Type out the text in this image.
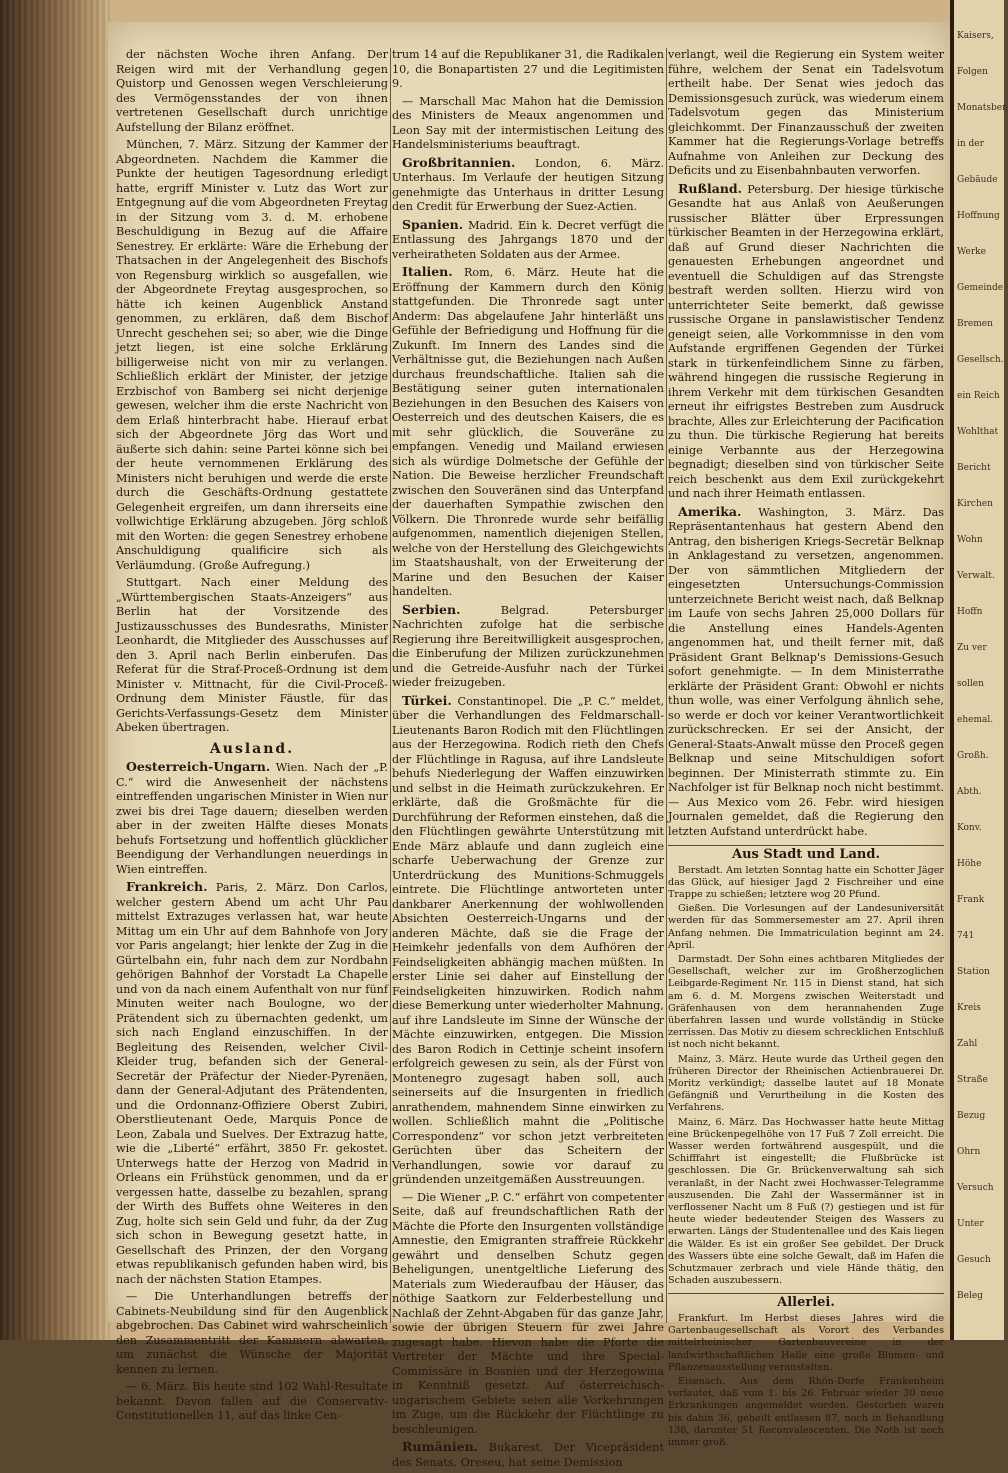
Kaisers,
Folgen
Monatsber.
in der
Gebäude
Hoffnung
Werke
Gemeinde
Bremen
Gesellsch.
ein Reich
Wohlthat
Bericht
Kirchen
Wohn
Verwalt.
Hoffn
Zu ver
sollen
ehemal.
Großh.
Abth.
Konv.
Höhe
Frank
741
Station
Kreis
Zahl
Straße
Bezug
Ohrn
Versuch
Unter
Gesuch
Beleg

der nächsten Woche ihren Anfang. Der Reigen wird mit der Verhandlung gegen Quistorp und Genossen wegen Verschleierung des Vermögensstandes der von ihnen vertretenen Gesellschaft durch unrichtige Aufstellung der Bilanz eröffnet.

München, 7. März. Sitzung der Kammer der Abgeordneten. Nachdem die Kammer die Punkte der heutigen Tagesordnung erledigt hatte, ergriff Minister v. Lutz das Wort zur Entgegnung auf die vom Abgeordneten Freytag in der Sitzung vom 3. d. M. erhobene Beschuldigung in Bezug auf die Affaire Senestrey. Er erklärte: Wäre die Erhebung der Thatsachen in der Angelegenheit des Bischofs von Regensburg wirklich so ausgefallen, wie der Abgeordnete Freytag ausgesprochen, so hätte ich keinen Augenblick Anstand genommen, zu erklären, daß dem Bischof Unrecht geschehen sei; so aber, wie die Dinge jetzt liegen, ist eine solche Erklärung billigerweise nicht von mir zu verlangen. Schließlich erklärt der Minister, der jetzige Erzbischof von Bamberg sei nicht derjenige gewesen, welcher ihm die erste Nachricht von dem Erlaß hinterbracht habe. Hierauf erbat sich der Abgeordnete Jörg das Wort und äußerte sich dahin: seine Partei könne sich bei der heute vernommenen Erklärung des Ministers nicht beruhigen und werde die erste durch die Geschäfts-Ordnung gestattete Gelegenheit ergreifen, um dann ihrerseits eine vollwichtige Erklärung abzugeben. Jörg schloß mit den Worten: die gegen Senestrey erhobene Anschuldigung qualificire sich als Verläumdung. (Große Aufregung.)

Stuttgart. Nach einer Meldung des „Württembergischen Staats-Anzeigers“ aus Berlin hat der Vorsitzende des Justizausschusses des Bundesraths, Minister Leonhardt, die Mitglieder des Ausschusses auf den 3. April nach Berlin einberufen. Das Referat für die Straf-Proceß-Ordnung ist dem Minister v. Mittnacht, für die Civil-Proceß-Ordnung dem Minister Fäustle, für das Gerichts-Verfassungs-Gesetz dem Minister Abeken übertragen.

Ausland.

Oesterreich-Ungarn. Wien. Nach der „P. C.“ wird die Anwesenheit der nächstens eintreffenden ungarischen Minister in Wien nur zwei bis drei Tage dauern; dieselben werden aber in der zweiten Hälfte dieses Monats behufs Fortsetzung und hoffentlich glücklicher Beendigung der Verhandlungen neuerdings in Wien eintreffen.

Frankreich. Paris, 2. März. Don Carlos, welcher gestern Abend um acht Uhr Pau mittelst Extrazuges verlassen hat, war heute Mittag um ein Uhr auf dem Bahnhofe von Jory vor Paris angelangt; hier lenkte der Zug in die Gürtelbahn ein, fuhr nach dem zur Nordbahn gehörigen Bahnhof der Vorstadt La Chapelle und von da nach einem Aufenthalt von nur fünf Minuten weiter nach Boulogne, wo der Prätendent sich zu übernachten gedenkt, um sich nach England einzuschiffen. In der Begleitung des Reisenden, welcher Civil-Kleider trug, befanden sich der General-Secretär der Präfectur der Nieder-Pyrenäen, dann der General-Adjutant des Prätendenten, und die Ordonnanz-Offiziere Oberst Zubiri, Oberstlieutenant Oede, Marquis Ponce de Leon, Zabala und Suelves. Der Extrazug hatte, wie die „Liberté“ erfährt, 3850 Fr. gekostet. Unterwegs hatte der Herzog von Madrid in Orleans ein Frühstück genommen, und da er vergessen hatte, dasselbe zu bezahlen, sprang der Wirth des Buffets ohne Weiteres in den Zug, holte sich sein Geld und fuhr, da der Zug sich schon in Bewegung gesetzt hatte, in Gesellschaft des Prinzen, der den Vorgang etwas republikanisch gefunden haben wird, bis nach der nächsten Station Etampes.

— Die Unterhandlungen betreffs der Cabinets-Neubildung sind für den Augenblick abgebrochen. Das Cabinet wird wahrscheinlich den Zusammentritt der Kammern abwarten, um zunächst die Wünsche der Majorität kennen zu lernen.

— 6. März. Bis heute sind 102 Wahl-Resultate bekannt. Davon fallen auf die Conservativ-Constitutionellen 11, auf das linke Cen-

trum 14 auf die Republikaner 31, die Radikalen 10, die Bonapartisten 27 und die Legitimisten 9.

— Marschall Mac Mahon hat die Demission des Ministers de Meaux angenommen und Leon Say mit der intermistischen Leitung des Handelsministeriums beauftragt.

Großbritannien. London, 6. März. Unterhaus. Im Verlaufe der heutigen Sitzung genehmigte das Unterhaus in dritter Lesung den Credit für Erwerbung der Suez-Actien.

Spanien. Madrid. Ein k. Decret verfügt die Entlassung des Jahrgangs 1870 und der verheiratheten Soldaten aus der Armee.

Italien. Rom, 6. März. Heute hat die Eröffnung der Kammern durch den König stattgefunden. Die Thronrede sagt unter Anderm: Das abgelaufene Jahr hinterläßt uns Gefühle der Befriedigung und Hoffnung für die Zukunft. Im Innern des Landes sind die Verhältnisse gut, die Beziehungen nach Außen durchaus freundschaftliche. Italien sah die Bestätigung seiner guten internationalen Beziehungen in den Besuchen des Kaisers von Oesterreich und des deutschen Kaisers, die es mit sehr glücklich, die Souveräne zu empfangen. Venedig und Mailand erwiesen sich als würdige Dolmetsche der Gefühle der Nation. Die Beweise herzlicher Freundschaft zwischen den Souveränen sind das Unterpfand der dauerhaften Sympathie zwischen den Völkern. Die Thronrede wurde sehr beifällig aufgenommen, namentlich diejenigen Stellen, welche von der Herstellung des Gleichgewichts im Staatshaushalt, von der Erweiterung der Marine und den Besuchen der Kaiser handelten.

Serbien.	Belgrad. Petersburger Nachrichten zufolge hat die serbische Regierung ihre Bereitwilligkeit ausgesprochen, die Einberufung der Milizen zurückzunehmen und die Getreide-Ausfuhr nach der Türkei wieder freizugeben.

Türkei. Constantinopel. Die „P. C.“ meldet, über die Verhandlungen des Feldmarschall-Lieutenants Baron Rodich mit den Flüchtlingen aus der Herzegowina. Rodich rieth den Chefs der Flüchtlinge in Ragusa, auf ihre Landsleute behufs Niederlegung der Waffen einzuwirken und selbst in die Heimath zurückzukehren. Er erklärte, daß die Großmächte für die Durchführung der Reformen einstehen, daß die den Flüchtlingen gewährte Unterstützung mit Ende März ablaufe und dann zugleich eine scharfe Ueberwachung der Grenze zur Unterdrückung des Munitions-Schmuggels eintrete. Die Flüchtlinge antworteten unter dankbarer Anerkennung der wohlwollenden Absichten Oesterreich-Ungarns und der anderen Mächte, daß sie die Frage der Heimkehr jedenfalls von dem Aufhören der Feindseligkeiten abhängig machen müßten. In erster Linie sei daher auf Einstellung der Feindseligkeiten hinzuwirken. Rodich nahm diese Bemerkung unter wiederholter Mahnung, auf ihre Landsleute im Sinne der Wünsche der Mächte einzuwirken, entgegen. Die Mission des Baron Rodich in Cettinje scheint insofern erfolgreich gewesen zu sein, als der Fürst von Montenegro zugesagt haben soll, auch seinerseits auf die Insurgenten in friedlich anrathendem, mahnendem Sinne einwirken zu wollen. Schließlich mahnt die „Politische Correspondenz“ vor schon jetzt verbreiteten Gerüchten über das Scheitern der Verhandlungen, sowie vor darauf zu gründenden unzeitgemäßen Ausstreuungen.

— Die Wiener „P. C.“ erfährt von competenter Seite, daß auf freundschaftlichen Rath der Mächte die Pforte den Insurgenten vollständige Amnestie, den Emigranten straffreie Rückkehr gewährt und denselben Schutz gegen Beheligungen, unentgeltliche Lieferung des Materials zum Wiederaufbau der Häuser, das nöthige Saatkorn zur Felderbestellung und Nachlaß der Zehnt-Abgaben für das ganze Jahr, sowie der übrigen Steuern für zwei Jahre zugesagt habe. Hievon habe die Pforte die Vertreter der Mächte und ihre Special-Commissäre in Bosnien und der Herzegowina in Kenntniß gesetzt. Auf österreichisch-ungarischem Gebiete seien alle Vorkehrungen im Zuge, um die Rückkehr der Flüchtlinge zu beschleunigen.

Rumänien. Bukarest. Der Vicepräsident des Senats, Oreseu, hat seine Demission

verlangt, weil die Regierung ein System weiter führe, welchem der Senat ein Tadelsvotum ertheilt habe. Der Senat wies jedoch das Demissionsgesuch zurück, was wiederum einem Tadelsvotum gegen das Ministerium gleichkommt. Der Finanzausschuß der zweiten Kammer hat die Regierungs-Vorlage betreffs Aufnahme von Anleihen zur Deckung des Deficits und zu Eisenbahnbauten verworfen.

Rußland. Petersburg. Der hiesige türkische Gesandte hat aus Anlaß von Aeußerungen russischer Blätter über Erpressungen türkischer Beamten in der Herzegowina erklärt, daß auf Grund dieser Nachrichten die genauesten Erhebungen angeordnet und eventuell die Schuldigen auf das Strengste bestraft werden sollten. Hierzu wird von unterrichteter Seite bemerkt, daß gewisse russische Organe in panslawistischer Tendenz geneigt seien, alle Vorkommnisse in den vom Aufstande ergriffenen Gegenden der Türkei stark in türkenfeindlichem Sinne zu färben, während hingegen die russische Regierung in ihrem Verkehr mit dem türkischen Gesandten erneut ihr eifrigstes Bestreben zum Ausdruck brachte, Alles zur Erleichterung der Pacification zu thun. Die türkische Regierung hat bereits einige Verbannte aus der Herzegowina begnadigt; dieselben sind von türkischer Seite reich beschenkt aus dem Exil zurückgekehrt und nach ihrer Heimath entlassen.

Amerika. Washington, 3. März. Das Repräsentantenhaus hat gestern Abend den Antrag, den bisherigen Kriegs-Secretär Belknap in Anklagestand zu versetzen, angenommen. Der von sämmtlichen Mitgliedern der eingesetzten Untersuchungs-Commission unterzeichnete Bericht weist nach, daß Belknap im Laufe von sechs Jahren 25,000 Dollars für die Anstellung eines Handels-Agenten angenommen hat, und theilt ferner mit, daß Präsident Grant Belknap's Demissions-Gesuch sofort genehmigte. — In dem Ministerrathe erklärte der Präsident Grant: Obwohl er nichts thun wolle, was einer Verfolgung ähnlich sehe, so werde er doch vor keiner Verantwortlichkeit zurückschrecken. Er sei der Ansicht, der General-Staats-Anwalt müsse den Proceß gegen Belknap und seine Mitschuldigen sofort beginnen. Der Ministerrath stimmte zu. Ein Nachfolger ist für Belknap noch nicht bestimmt. — Aus Mexico vom 26. Febr. wird hiesigen Journalen gemeldet, daß die Regierung den letzten Aufstand unterdrückt habe.

Aus Stadt und Land.

Berstadt. Am letzten Sonntag hatte ein Schotter Jäger das Glück, auf hiesiger Jagd 2 Fischreiher und eine Trappe zu schießen; letztere wog 20 Pfund.

Gießen. Die Vorlesungen auf der Landesuniversität werden für das Sommersemester am 27. April ihren Anfang nehmen. Die Immatriculation beginnt am 24. April.

Darmstadt. Der Sohn eines achtbaren Mitgliedes der Gesellschaft, welcher zur im Großherzoglichen Leibgarde-Regiment Nr. 115 in Dienst stand, hat sich am 6. d. M. Morgens zwischen Weiterstadt und Gräfenhausen von dem herannahenden Zuge überfahren lassen und wurde vollständig in Stücke zerrissen. Das Motiv zu diesem schrecklichen Entschluß ist noch nicht bekannt.

Mainz, 3. März. Heute wurde das Urtheil gegen den früheren Director der Rheinischen Actienbrauerei Dr. Moritz verkündigt; dasselbe lautet auf 18 Monate Gefängniß und Verurtheilung in die Kosten des Verfahrens.

Mainz, 6. März. Das Hochwasser hatte heute Mittag eine Brückenpegelhöhe von 17 Fuß 7 Zoll erreicht. Die Wasser werden fortwährend ausgespült, und die Schifffahrt ist eingestellt; die Flußbrücke ist geschlossen. Die Gr. Brückenverwaltung sah sich veranlaßt, in der Nacht zwei Hochwasser-Telegramme auszusenden. Die Zahl der Wassermänner ist in verflossener Nacht um 8 Fuß (?) gestiegen und ist für heute wieder bedeutender Steigen des Wassers zu erwarten. Längs der Studentenallee und des Kais liegen die Wälder. Es ist ein großer See gebildet. Der Druck des Wassers übte eine solche Gewalt, daß im Hafen die Schutzmauer zerbrach und viele Hände thätig, den Schaden auszubessern.

Allerlei.

Frankfurt. Im Herbst dieses Jahres wird die Gartenbaugesellschaft als Vorort des Verbandes mittelrheinischer Gartenbauvereine in der landwirthschaftlichen Halle eine große Blumen- und Pflanzenausstellung veranstalten.

Eisenach. Aus dem Rhön-Dorfe Frankenheim verlautet, daß vom 1. bis 26. Februar wieder 30 neue Erkrankungen angemeldet worden. Gestorben waren bis dahin 36, geheilt entlassen 87, noch in Behandlung 138, darunter 51 Reconvalescenten. Die Noth ist noch immer groß.
